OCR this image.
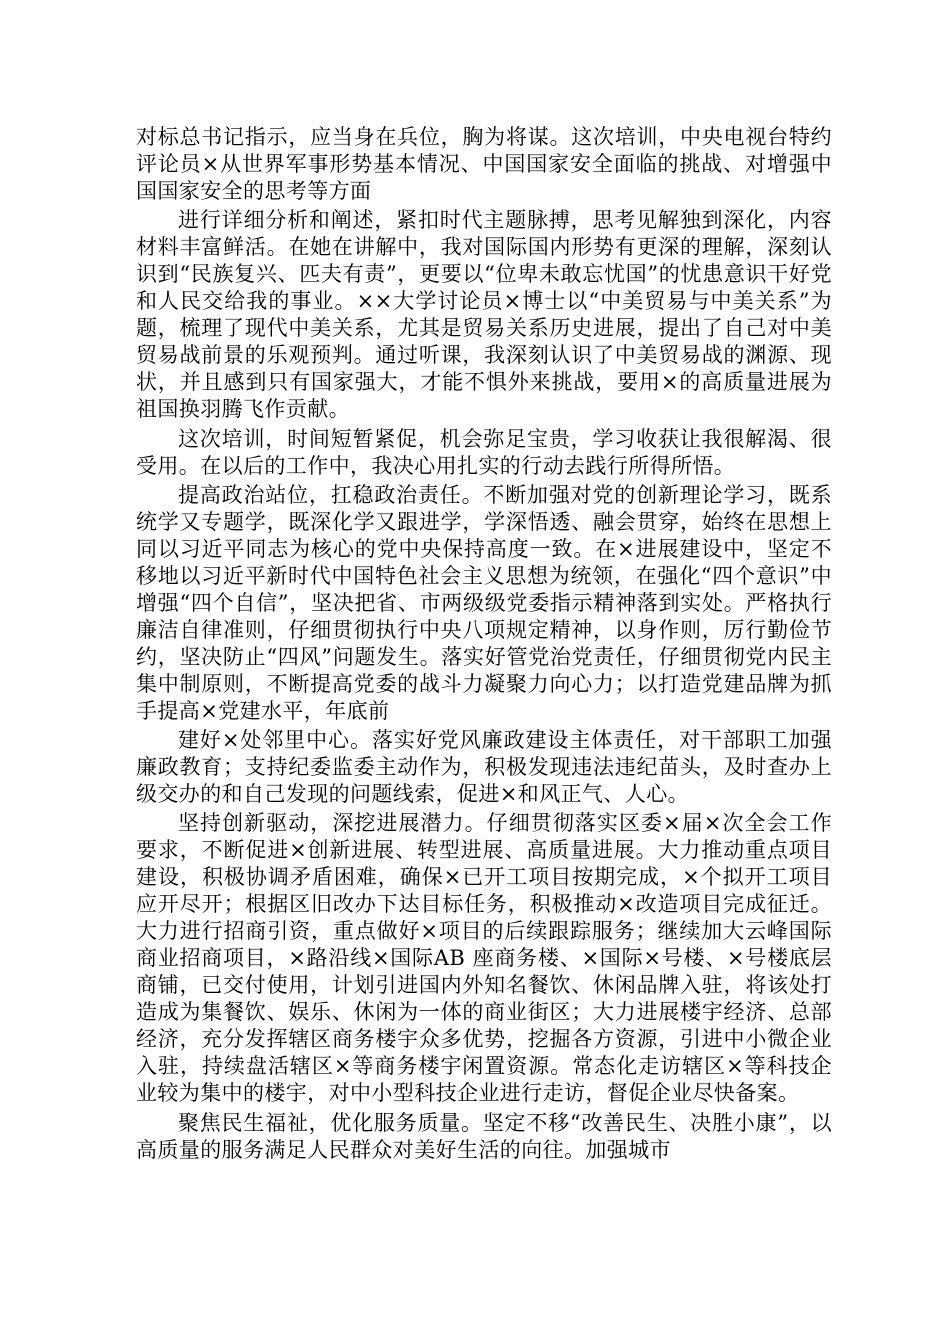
对标总书记指示，应当身在兵位，胸为将谋。这次培训，中央电视台特约评论员×从世界军事形势基本情况、中国国家安全面临的挑战、对增强中国国家安全的思考等方面

进行详细分析和阐述，紧扣时代主题脉搏，思考见解独到深化，内容材料丰富鲜活。在她在讲解中，我对国际国内形势有更深的理解，深刻认识到“民族复兴、匹夫有责”，更要以“位卑未敢忘忧国”的忧患意识干好党和人民交给我的事业。××大学讨论员×博士以“中美贸易与中美关系”为题，梳理了现代中美关系，尤其是贸易关系历史进展，提出了自己对中美贸易战前景的乐观预判。通过听课，我深刻认识了中美贸易战的渊源、现状，并且感到只有国家强大，才能不惧外来挑战，要用×的高质量进展为祖国换羽腾飞作贡献。

这次培训，时间短暂紧促，机会弥足宝贵，学习收获让我很解渴、很受用。在以后的工作中，我决心用扎实的行动去践行所得所悟。

提高政治站位，扛稳政治责任。不断加强对党的创新理论学习，既系统学又专题学，既深化学又跟进学，学深悟透、融会贯穿，始终在思想上同以习近平同志为核心的党中央保持高度一致。在×进展建设中，坚定不移地以习近平新时代中国特色社会主义思想为统领，在强化“四个意识”中增强“四个自信”，坚决把省、市两级级党委指示精神落到实处。严格执行廉洁自律准则，仔细贯彻执行中央八项规定精神，以身作则，厉行勤俭节约，坚决防止“四风”问题发生。落实好管党治党责任，仔细贯彻党内民主集中制原则，不断提高党委的战斗力凝聚力向心力；以打造党建品牌为抓手提高×党建水平，年底前

建好×处邻里中心。落实好党风廉政建设主体责任，对干部职工加强廉政教育；支持纪委监委主动作为，积极发现违法违纪苗头，及时查办上级交办的和自己发现的问题线索，促进×和风正气、人心。

坚持创新驱动，深挖进展潜力。仔细贯彻落实区委×届×次全会工作要求，不断促进×创新进展、转型进展、高质量进展。大力推动重点项目建设，积极协调矛盾困难，确保×已开工项目按期完成，×个拟开工项目应开尽开；根据区旧改办下达目标任务，积极推动×改造项目完成征迁。大力进行招商引资，重点做好×项目的后续跟踪服务；继续加大云峰国际商业招商项目，×路沿线×国际AB 座商务楼、×国际×号楼、×号楼底层商铺，已交付使用，计划引进国内外知名餐饮、休闲品牌入驻，将该处打造成为集餐饮、娱乐、休闲为一体的商业街区；大力进展楼宇经济、总部经济，充分发挥辖区商务楼宇众多优势，挖掘各方资源，引进中小微企业入驻，持续盘活辖区×等商务楼宇闲置资源。常态化走访辖区×等科技企业较为集中的楼宇，对中小型科技企业进行走访，督促企业尽快备案。

聚焦民生福祉，优化服务质量。坚定不移“改善民生、决胜小康”，以高质量的服务满足人民群众对美好生活的向往。加强城市
